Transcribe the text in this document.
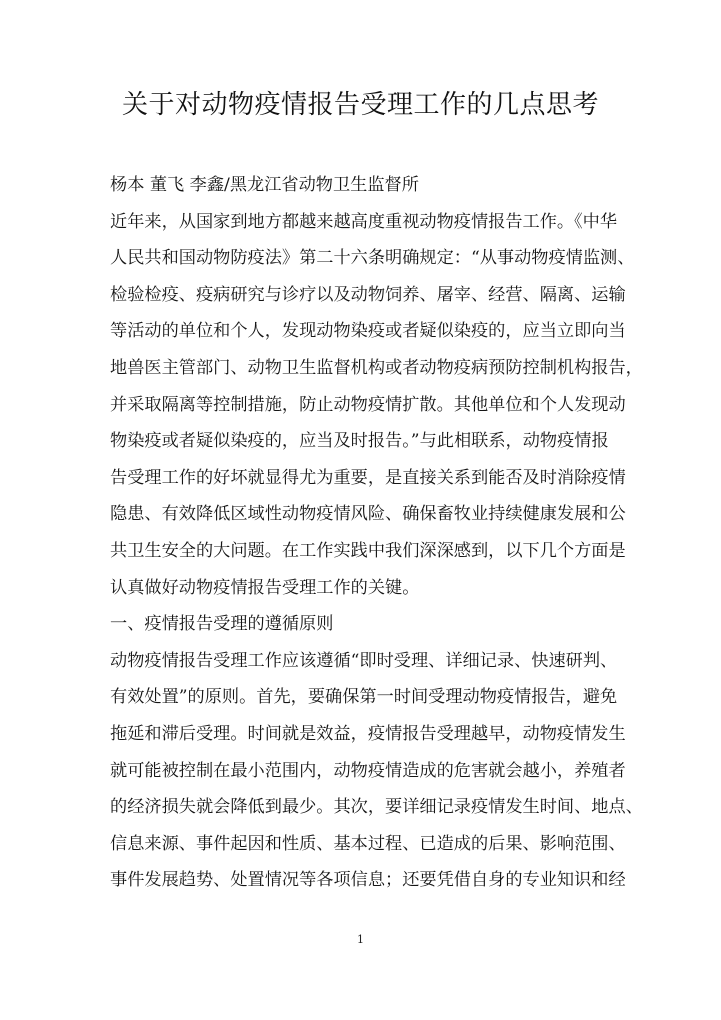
关于对动物疫情报告受理工作的几点思考
杨本 董飞 李鑫/黑龙江省动物卫生监督所
近年来，从国家到地方都越来越高度重视动物疫情报告工作。《中华
人民共和国动物防疫法》第二十六条明确规定：“从事动物疫情监测、
检验检疫、疫病研究与诊疗以及动物饲养、屠宰、经营、隔离、运输
等活动的单位和个人，发现动物染疫或者疑似染疫的，应当立即向当
地兽医主管部门、动物卫生监督机构或者动物疫病预防控制机构报告，
并采取隔离等控制措施，防止动物疫情扩散。其他单位和个人发现动
物染疫或者疑似染疫的，应当及时报告。”与此相联系，动物疫情报
告受理工作的好坏就显得尤为重要，是直接关系到能否及时消除疫情
隐患、有效降低区域性动物疫情风险、确保畜牧业持续健康发展和公
共卫生安全的大问题。在工作实践中我们深深感到，以下几个方面是
认真做好动物疫情报告受理工作的关键。
一、疫情报告受理的遵循原则
动物疫情报告受理工作应该遵循“即时受理、详细记录、快速研判、
有效处置”的原则。首先，要确保第一时间受理动物疫情报告，避免
拖延和滞后受理。时间就是效益，疫情报告受理越早，动物疫情发生
就可能被控制在最小范围内，动物疫情造成的危害就会越小，养殖者
的经济损失就会降低到最少。其次，要详细记录疫情发生时间、地点、
信息来源、事件起因和性质、基本过程、已造成的后果、影响范围、
事件发展趋势、处置情况等各项信息；还要凭借自身的专业知识和经
1
